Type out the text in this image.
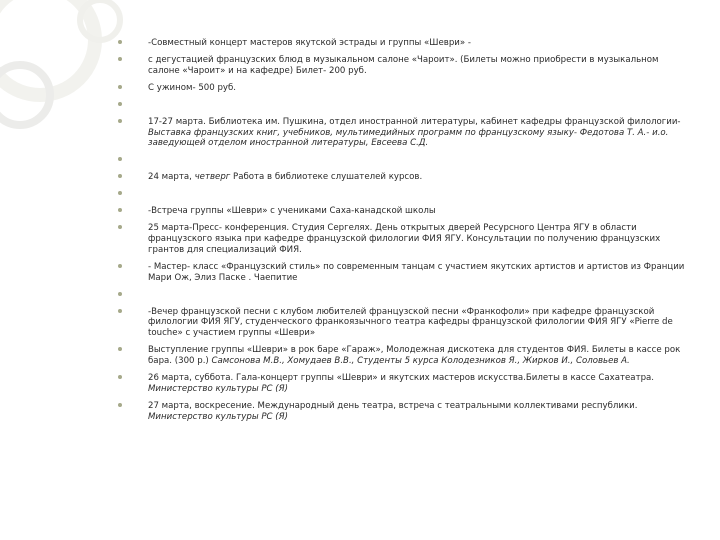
-Совместный концерт мастеров якутской эстрады и группы «Шеври» -
с дегустацией французских блюд в музыкальном салоне «Чароит». (Билеты можно приобрести в музыкальном салоне «Чароит» и на кафедре) Билет- 200 руб.
С ужином- 500 руб.
17-27 марта. Библиотека им. Пушкина, отдел иностранной литературы, кабинет кафедры французской филологии-Выставка французских книг, учебников, мультимедийных программ по французскому языку- Федотова Т. А.- и.о. заведующей отделом иностранной литературы, Евсеева С.Д.
24 марта, четверг Работа в библиотеке слушателей курсов.
-Встреча группы «Шеври» с учениками Саха-канадской школы
25 марта-Пресс- конференция. Студия Сергелях. День открытых дверей Ресурсного Центра ЯГУ в области французского языка при кафедре французской филологии ФИЯ ЯГУ. Консультации по получению французских грантов для специализаций ФИЯ.
- Мастер- класс «Французский стиль» по современным танцам с участием якутских артистов и артистов из Франции Мари Ож, Элиз Паске . Чаепитие
-Вечер французской песни с клубом любителей французской песни «Франкофоли» при кафедре французской филологии ФИЯ ЯГУ, студенческого франкоязычного театра кафедры французской филологии ФИЯ ЯГУ «Pierre de touche» с участием группы «Шеври»
Выступление группы «Шеври» в рок баре «Гараж», Молодежная дискотека для студентов ФИЯ. Билеты в кассе рок бара. (300 р.) Самсонова М.В., Хомудаев В.В., Студенты 5 курса Колодезников Я., Жирков И., Соловьев А.
26 марта, суббота. Гала-концерт группы «Шеври» и якутских мастеров искусства.Билеты в кассе Сахатеатра. Министерство культуры РС (Я)
27 марта, воскресение. Международный день театра, встреча с театральными коллективами республики. Министерство культуры РС (Я)
